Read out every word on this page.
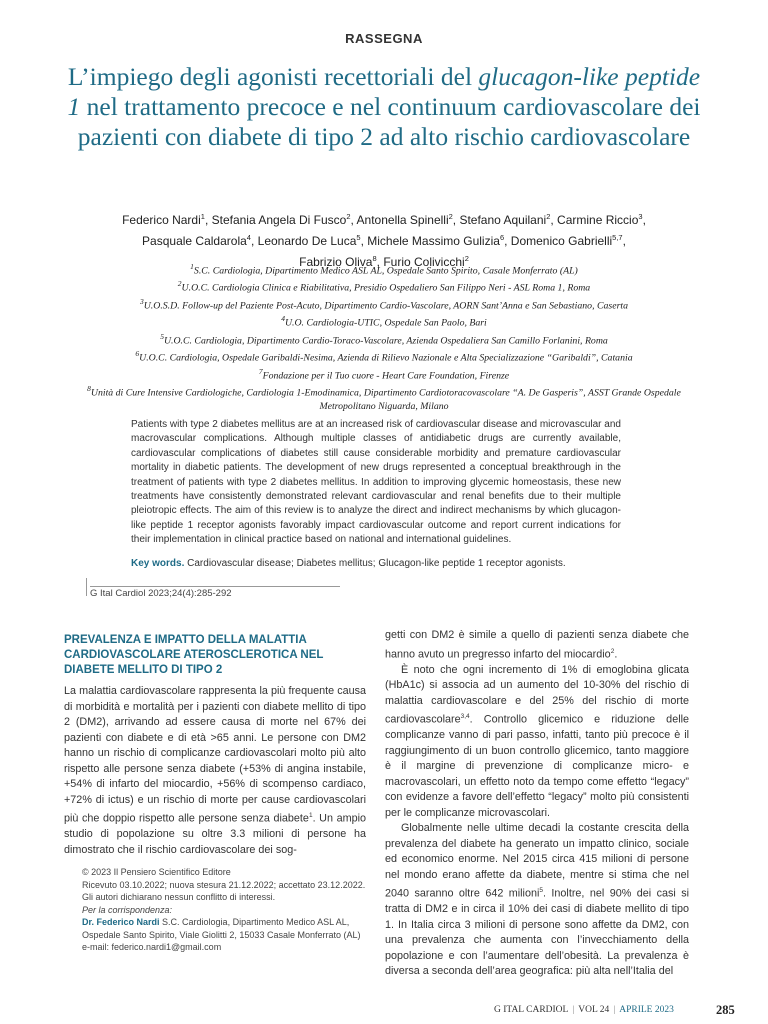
RASSEGNA
L’impiego degli agonisti recettoriali del glucagon-like peptide 1 nel trattamento precoce e nel continuum cardiovascolare dei pazienti con diabete di tipo 2 ad alto rischio cardiovascolare
Federico Nardi$^1$, Stefania Angela Di Fusco$^2$, Antonella Spinelli$^2$, Stefano Aquilani$^2$, Carmine Riccio$^3$,
Pasquale Caldarola$^4$, Leonardo De Luca$^5$, Michele Massimo Gulizia$^6$, Domenico Gabrielli$^{5,7}$,
Fabrizio Oliva$^8$, Furio Colivicchi$^2$
$^1$S.C. Cardiologia, Dipartimento Medico ASL AL, Ospedale Santo Spirito, Casale Monferrato (AL)
$^2$U.O.C. Cardiologia Clinica e Riabilitativa, Presidio Ospedaliero San Filippo Neri - ASL Roma 1, Roma
$^3$U.O.S.D. Follow-up del Paziente Post-Acuto, Dipartimento Cardio-Vascolare, AORN Sant’Anna e San Sebastiano, Caserta
$^4$U.O. Cardiologia-UTIC, Ospedale San Paolo, Bari
$^5$U.O.C. Cardiologia, Dipartimento Cardio-Toraco-Vascolare, Azienda Ospedaliera San Camillo Forlanini, Roma
$^6$U.O.C. Cardiologia, Ospedale Garibaldi-Nesima, Azienda di Rilievo Nazionale e Alta Specializzazione “Garibaldi”, Catania
$^7$Fondazione per il Tuo cuore - Heart Care Foundation, Firenze
$^8$Unità di Cure Intensive Cardiologiche, Cardiologia 1-Emodinamica, Dipartimento Cardiotoracovascolare “A. De Gasperis”, ASST Grande Ospedale Metropolitano Niguarda, Milano

Patients with type 2 diabetes mellitus are at an increased risk of cardiovascular disease and microvascular and macrovascular complications. Although multiple classes of antidiabetic drugs are currently available, cardiovascular complications of diabetes still cause considerable morbidity and premature cardiovascular mortality in diabetic patients. The development of new drugs represented a conceptual breakthrough in the treatment of patients with type 2 diabetes mellitus. In addition to improving glycemic homeostasis, these new treatments have consistently demonstrated relevant cardiovascular and renal benefits due to their multiple pleiotropic effects. The aim of this review is to analyze the direct and indirect mechanisms by which glucagon-like peptide 1 receptor agonists favorably impact cardiovascular outcome and report current indications for their implementation in clinical practice based on national and international guidelines.

Key words. Cardiovascular disease; Diabetes mellitus; Glucagon-like peptide 1 receptor agonists.
G Ital Cardiol 2023;24(4):285-292
PREVALENZA E IMPATTO DELLA MALATTIA CARDIOVASCOLARE ATEROSCLEROTICA NEL DIABETE MELLITO DI TIPO 2

La malattia cardiovascolare rappresenta la più frequente causa di morbidità e mortalità per i pazienti con diabete mellito di tipo 2 (DM2), arrivando ad essere causa di morte nel 67% dei pazienti con diabete e di età >65 anni. Le persone con DM2 hanno un rischio di complicanze cardiovascolari molto più alto rispetto alle persone senza diabete (+53% di angina instabile, +54% di infarto del miocardio, +56% di scompenso cardiaco, +72% di ictus) e un rischio di morte per cause cardiovascolari più che doppio rispetto alle persone senza diabete$^1$. Un ampio studio di popolazione su oltre 3.3 milioni di persone ha dimostrato che il rischio cardiovascolare dei sog-

getti con DM2 è simile a quello di pazienti senza diabete che hanno avuto un pregresso infarto del miocardio$^2$.

È noto che ogni incremento di 1% di emoglobina glicata (HbA1c) si associa ad un aumento del 10-30% del rischio di malattia cardiovascolare e del 25% del rischio di morte cardiovascolare$^{3,4}$. Controllo glicemico e riduzione delle complicanze vanno di pari passo, infatti, tanto più precoce è il raggiungimento di un buon controllo glicemico, tanto maggiore è il margine di prevenzione di complicanze micro- e macrovascolari, un effetto noto da tempo come effetto “legacy” con evidenze a favore dell’effetto “legacy” molto più consistenti per le complicanze microvascolari.

Globalmente nelle ultime decadi la costante crescita della prevalenza del diabete ha generato un impatto clinico, sociale ed economico enorme. Nel 2015 circa 415 milioni di persone nel mondo erano affette da diabete, mentre si stima che nel 2040 saranno oltre 642 milioni$^5$. Inoltre, nel 90% dei casi si tratta di DM2 e in circa il 10% dei casi di diabete mellito di tipo 1. In Italia circa 3 milioni di persone sono affette da DM2, con una prevalenza che aumenta con l’invecchiamento della popolazione e con l’aumentare dell’obesità. La prevalenza è diversa a seconda dell’area geografica: più alta nell’Italia del

© 2023 Il Pensiero Scientifico Editore
Ricevuto 03.10.2022; nuova stesura 21.12.2022; accettato 23.12.2022.
Gli autori dichiarano nessun conflitto di interessi.
Per la corrispondenza:
Dr. Federico Nardi S.C. Cardiologia, Dipartimento Medico ASL AL, Ospedale Santo Spirito, Viale Giolitti 2, 15033 Casale Monferrato (AL)
e-mail: federico.nardi1@gmail.com
G ITAL CARDIOL | VOL 24 | APRILE 2023	285
